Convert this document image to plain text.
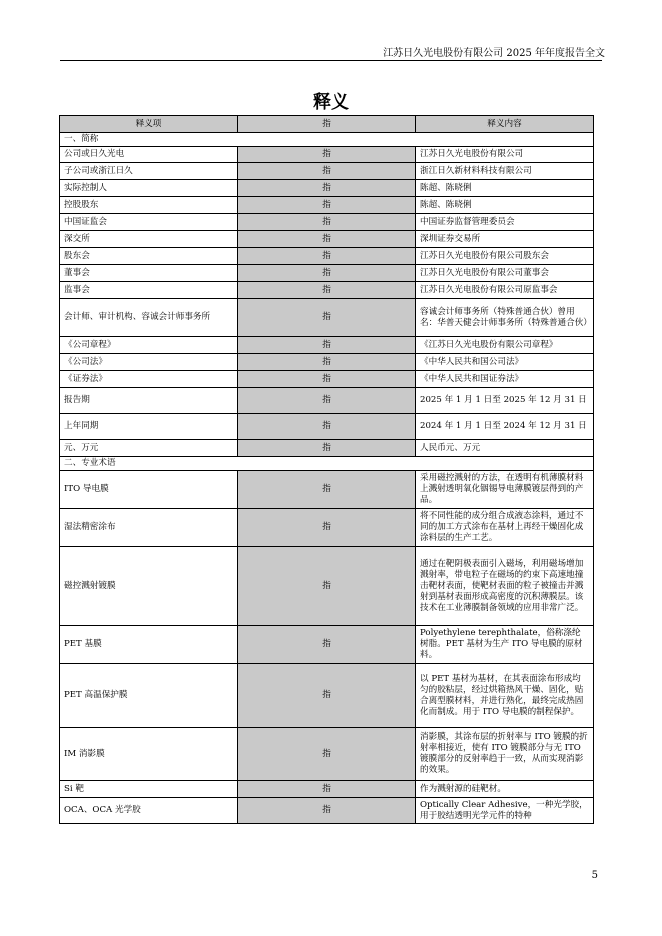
江苏日久光电股份有限公司 2025 年年度报告全文
释义
释义项	指	释义内容
一、简称		
公司或日久光电	指	江苏日久光电股份有限公司
子公司或浙江日久	指	浙江日久新材料科技有限公司
实际控制人	指	陈超、陈晓俐
控股股东	指	陈超、陈晓俐
中国证监会	指	中国证券监督管理委员会
深交所	指	深圳证券交易所
股东会	指	江苏日久光电股份有限公司股东会
董事会	指	江苏日久光电股份有限公司董事会
监事会	指	江苏日久光电股份有限公司原监事会
会计师、审计机构、容诚会计师事务所	指	容诚会计师事务所（特殊普通合伙）曾用名：华普天健会计师事务所（特殊普通合伙）
《公司章程》	指	《江苏日久光电股份有限公司章程》
《公司法》	指	《中华人民共和国公司法》
《证券法》	指	《中华人民共和国证券法》
报告期	指	2025 年 1 月 1 日至 2025 年 12 月 31 日
上年同期	指	2024 年 1 月 1 日至 2024 年 12 月 31 日
元、万元	指	人民币元、万元
二、专业术语		
ITO 导电膜	指	采用磁控溅射的方法，在透明有机薄膜材料上溅射透明氧化铟锡导电薄膜镀层得到的产品。
湿法精密涂布	指	将不同性能的成分组合成液态涂料，通过不同的加工方式涂布在基材上再经干燥固化成涂料层的生产工艺。
磁控溅射镀膜	指	通过在靶阴极表面引入磁场，利用磁场增加溅射率，带电粒子在磁场的约束下高速地撞击靶材表面，使靶材表面的粒子被撞击并溅射到基材表面形成高密度的沉积薄膜层。该技术在工业薄膜制备领域的应用非常广泛。
PET 基膜	指	Polyethylene terephthalate，俗称涤纶树脂。PET 基材为生产 ITO 导电膜的原材料。
PET 高温保护膜	指	以 PET 基材为基材，在其表面涂布形成均匀的胶粘层，经过烘箱热风干燥、固化，贴合离型膜材料，并进行熟化，最终完成热固化而制成。用于 ITO 导电膜的制程保护。
IM 消影膜	指	消影膜，其涂布层的折射率与 ITO 镀膜的折射率相接近，使有 ITO 镀膜部分与无 ITO 镀膜部分的反射率趋于一致，从而实现消影的效果。
Si 靶	指	作为溅射源的硅靶材。
OCA、OCA 光学胶	指	Optically Clear Adhesive，一种光学胶，用于胶结透明光学元件的特种
5
